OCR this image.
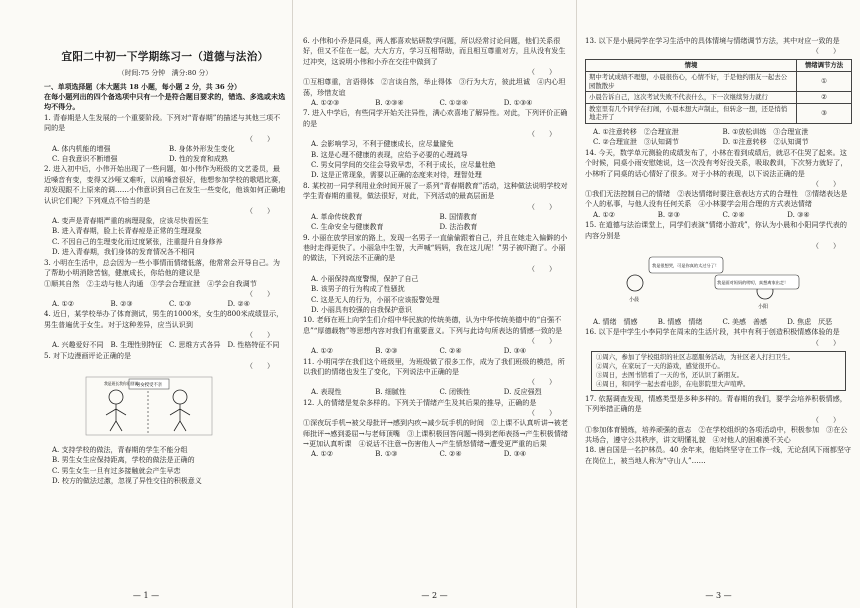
宜阳二中初一下学期练习一（道德与法治）
（时间:75 分钟　满分:80 分）
一、单项选择题（本大题共 18 小题，每小题 2 分，共 36 分）

在每小题列出的四个备选项中只有一个是符合题目要求的，错选、多选或未选均不得分。

1. 青春期是人生发展的一个重要阶段。下列对“青春期”的描述与其他三项不同的是

（　　）
A. 体内机能的增强	B. 身体外形发生变化
C. 自我意识不断增强	D. 性的发育和成熟

2. 进入初中后，小伟开始出现了一些问题，如小伟作为班级的文艺委员，最近嗓音有变，变得又沙哑又难听，以前嗓音很好，他想参加学校的歌唱比赛，却发现跟不上原来的调……小伟意识到自己在发生一些变化，他该如何正确地认识它们呢？下列观点不恰当的是

（　　）
A. 变声是青春期严重的病理现象，应该尽快看医生
B. 进入青春期，脸上长青春痘是正常的生理现象
C. 不因自己的生理变化而过度紧张，注重提升自身修养
D. 进入青春期，我们身体的发育情况各不相同

3. 小明在生活中，总会因为一些小事情而情绪低落，他常常会开导自己。为了帮助小明消除苦恼，健康成长，你给他的建议是

①顺其自然　②主动与他人沟通　③学会合理宣泄　④学会自我调节

（　　）
A. ①②	B. ②③	C. ①③	D. ②④

4. 近日，某学校举办了体育测试，男生的1000米，女生的800米成绩显示，男生普遍优于女生。对于这种差异，应当认识到

（　　）
A. 兴趣爱好不同 B. 生理性别特征 C. 思维方式各异 D. 性格特征不同

5. 对下边漫画评论正确的是

（　　）
男女授受不亲
我是班长我你们别说……
A. 支持学校的做法，青春期的学生不能分组
B. 男生女生应保持距离，学校的做法是正确的
C. 男生女生一旦有过多接触就会产生早恋
D. 校方的做法过激，忽视了异性交往的积极意义
— 1 —

6. 小伟和小乔是同桌，两人都喜欢钻研数学问题，所以经常讨论问题，他们关系很好，但又不住在一起，大大方方，学习互相帮助，而且相互尊重对方，且从没有发生过冲突，这说明小伟和小乔在交往中做到了

（　　）

①互相尊重，言语得体　②言谈自然，举止得体　③行为大方，彼此坦诚　④内心坦荡，珍惜友谊

A. ①②③	B. ②③④	C. ①②④	D. ①③④

7. 进入中学后，有些同学开始关注异性，满心欢喜地了解异性。对此，下列评价正确的是

（　　）
A. 会影响学习，不利于健康成长，应尽量避免
B. 这是心理不健康的表现，应给予必要的心理疏导
C. 男女同学间的交往会导致早恋，不利于成长，应尽量杜绝
D. 这是正常现象，需要以正确的态度来对待，理智处理

8. 某校初一同学利用业余时间开展了一系列“青春期教育”活动，这种做法说明学校对学生青春期的重视，做法很好，对此，下列活动的最高层面是

（　　）
A. 革命传统教育	B. 国情教育
C. 生命安全与健康教育	D. 法治教育

9. 小丽在放学回家的路上，发现一名男子一直偷偷跟着自己，并且在她走入偏僻的小巷时走得更快了。小丽急中生智，大声喊“妈妈，我在这儿呢！”男子被吓跑了。小丽的做法，下列说法不正确的是

（　　）
A. 小丽保持高度警惕，保护了自己
B. 该男子的行为构成了性骚扰
C. 这是无人的行为，小丽不应该报警处理
D. 小丽具有较强的自我保护意识

10. 老师在班上向学生们介绍中华民族的传统美德，认为中华传统美德中的“自强不息”“厚德载物”等思想内容对我们有重要意义。下列与此诗句所表达的情感一致的是

（　　）
A. ①②	B. ②③	C. ②④	D. ③④

11. 小明同学在我们这个班级里，为班级做了很多工作，成为了我们班级的模范，所以我们的情绪也发生了变化，下列说法中正确的是

（　　）
A. 表现性	B. 细腻性	C. 闭锁性	D. 反应强烈

12. 人的情绪是复杂多样的。下列关于情绪产生及其后果的推导，正确的是

（　　）

①深夜玩手机→被父母批评→感到内疚→减少玩手机的时间　②上课不认真听讲→被老师批评→感到委屈→与老师顶嘴　③上课积极回答问题→得到老师表扬→产生积极情绪→更加认真听课　④说话不注意→伤害他人→产生愤怒情绪→遭受更严重的后果

A. ①②	B. ①③	C. ②④	D. ③④
— 2 —

13. 以下是小晨同学在学习生活中的具体情境与情绪调节方法，其中对应一致的是

（　　）
情境	情绪调节方法
期中考试成绩不理想，小晨很伤心，心情不好，于是他约朋友一起去公园散散步	①
小晨告诉自己，这次考试失败不代表什么，下一次继续努力就行	②
教室里有几个同学在打闹，小晨本想大声制止，但转念一想，还是悄悄地走开了	③
A. ①注意转移　②合理宣泄	B. ①放松训练　③合理宣泄
C. ②合理宣泄　③认知调节	D. ①注意转移　②认知调节

14. 今天，数学单元测验的成绩发布了，小林在看到成绩后，就忍不住哭了起来。这个时候，同桌小雨安慰她说，这一次没有考好没关系，吸取教训，下次努力就好了，小林听了同桌的话心情好了很多。对于小林的表现，以下说法正确的是

（　　）

①我们无法控制自己的情绪　②表达情绪时要注意表达方式的合理性　③情绪表达是个人的私事，与他人没有任何关系　④小林要学会用合理的方式表达情绪

A. ①②	B. ②③	C. ②④	D. ③④

15. 在道德与法治课堂上，同学们表演“情绪小游戏”，你认为小晨和小阳同学代表的内容分别是

（　　）
我是很想哭，可是你真的太过分了！
我是面对妈妈的唠叨，真想离家出走！
小晨
小阳
A. 情绪　情感	B. 情感　情绪	C. 美感　善感	D. 焦虑　厌恶

16. 以下是中学生小李同学在周末的生活片段，其中有利于创造积极情感体验的是

（　　）

①周六，参加了学校组织的社区志愿服务活动，为社区老人打扫卫生。

②周六，在家玩了一天的游戏，感觉很开心。

③周日，去图书馆看了一天的书，还认识了新朋友。

④周日，和同学一起去看电影，在电影院里大声喧哗。

17. 依据调查发现，情感类型是多种多样的。青春期的我们，要学会培养积极情感，下列举措正确的是

（　　）

①参加体育锻炼，培养顽强的意志　②在学校组织的各项活动中，积极参加　③在公共场合，遵守公共秩序，讲文明懂礼貌　④对他人的困难漠不关心

18. 唐自国是一名护林员。40 余年来，他始终坚守在工作一线，无论刮风下雨都坚守在岗位上，被当地人称为“守山人”……

— 3 —
